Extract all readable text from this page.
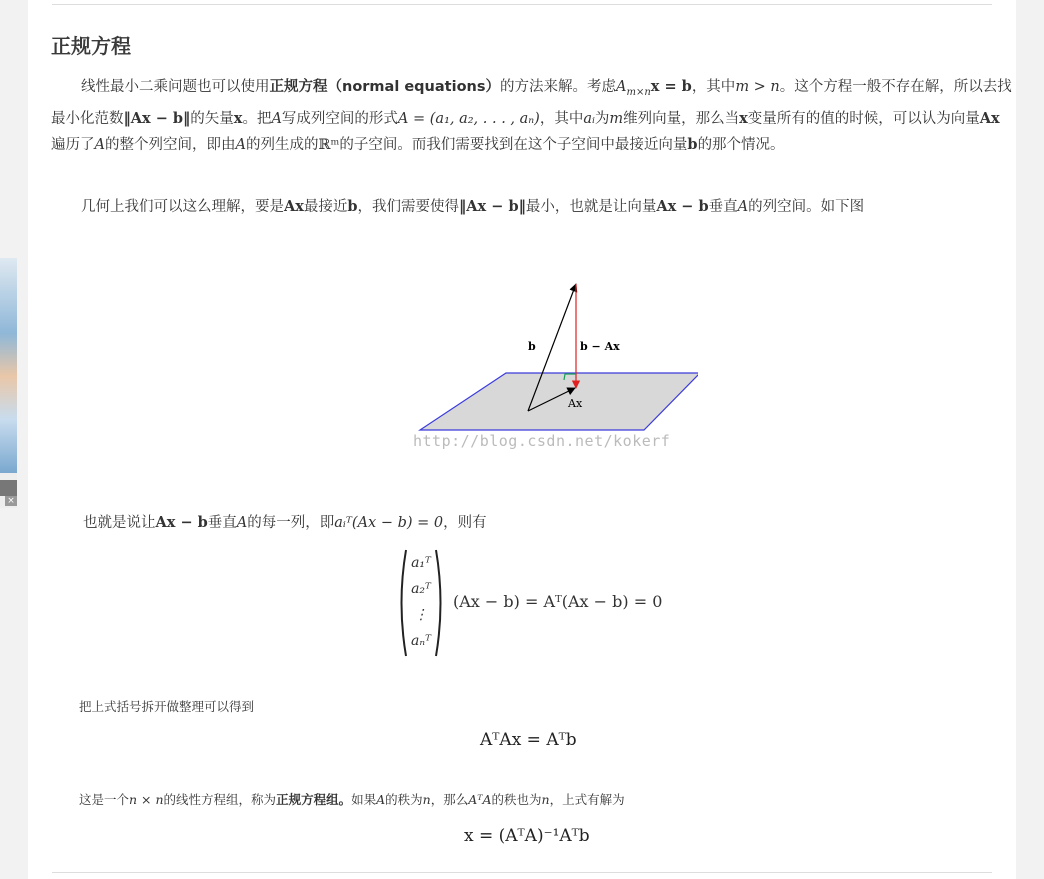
×
正规方程

线性最小二乘问题也可以使用正规方程（normal equations）的方法来解。考虑$A_{m\times n}x = b$，其中m > n。这个方程一般不存在解，所以去找最小化范数‖Ax − b‖的矢量x。把A写成列空间的形式A = (a₁, a₂, . . . , aₙ)，其中aᵢ为m维列向量，那么当x变量所有的值的时候，可以认为向量Ax遍历了A的整个列空间，即由A的列生成的ℝᵐ的子空间。而我们需要找到在这个子空间中最接近向量b的那个情况。

几何上我们可以这么理解，要是Ax最接近b，我们需要使得‖Ax − b‖最小，也就是让向量Ax − b垂直A的列空间。如下图

b	b − Ax
Ax
http://blog.csdn.net/kokerf

也就是说让Ax − b垂直A的每一列，即aᵢᵀ(Ax − b) = 0，则有

a₁ᵀ
a₂ᵀ
⋮
aₙᵀ
(Ax − b) = Aᵀ(Ax − b) = 0
把上式括号拆开做整理可以得到
AᵀAx = Aᵀb
这是一个n × n的线性方程组，称为正规方程组。如果A的秩为n，那么AᵀA的秩也为n，上式有解为
x = (AᵀA)⁻¹Aᵀb
